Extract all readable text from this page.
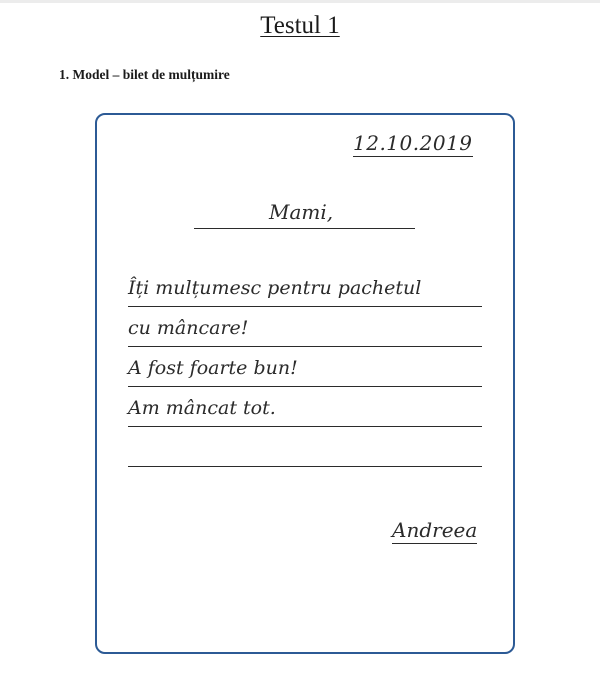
Testul 1

1. Model – bilet de mulțumire

12.10.2019

Mami,

Îți mulțumesc pentru pachetul

cu mâncare!

A fost foarte bun!

Am mâncat tot.

Andreea
